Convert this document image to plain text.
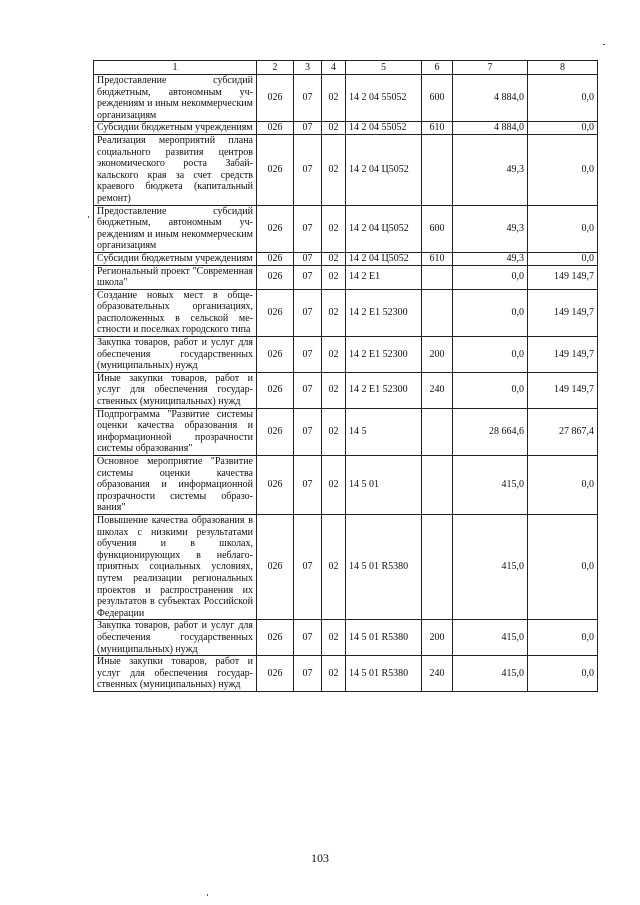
1	2	3	4	5	6	7	8
Предоставление субсидий бюджетным, автономным учреждениям и иным некоммерческим организациям	026	07	02	14 2 04 55052	600	4 884,0	0,0
Субсидии бюджетным учреждениям	026	07	02	14 2 04 55052	610	4 884,0	0,0
Реализация мероприятий плана социального развития центров экономического роста Забайкальского края за счет средств краевого бюджета (капитальный ремонт)	026	07	02	14 2 04 Ц5052		49,3	0,0
Предоставление субсидий бюджетным, автономным учреждениям и иным некоммерческим организациям	026	07	02	14 2 04 Ц5052	600	49,3	0,0
Субсидии бюджетным учреждениям	026	07	02	14 2 04 Ц5052	610	49,3	0,0
Региональный проект "Современная школа"	026	07	02	14 2 E1		0,0	149 149,7
Создание новых мест в общеобразовательных организациях, расположенных в сельской местности и поселках городского типа	026	07	02	14 2 E1 52300		0,0	149 149,7
Закупка товаров, работ и услуг для обеспечения государственных (муниципальных) нужд	026	07	02	14 2 E1 52300	200	0,0	149 149,7
Иные закупки товаров, работ и услуг для обеспечения государственных (муниципальных) нужд	026	07	02	14 2 E1 52300	240	0,0	149 149,7
Подпрограмма "Развитие системы оценки качества образования и информационной прозрачности системы образования"	026	07	02	14 5		28 664,6	27 867,4
Основное мероприятие "Развитие системы оценки качества образования и информационной прозрачности системы образования"	026	07	02	14 5 01		415,0	0,0
Повышение качества образования в школах с низкими результатами обучения и в школах, функционирующих в неблагоприятных социальных условиях, путем реализации региональных проектов и распространения их результатов в субъектах Российской Федерации	026	07	02	14 5 01 R5380		415,0	0,0
Закупка товаров, работ и услуг для обеспечения государственных (муниципальных) нужд	026	07	02	14 5 01 R5380	200	415,0	0,0
Иные закупки товаров, работ и услуг для обеспечения государственных (муниципальных) нужд	026	07	02	14 5 01 R5380	240	415,0	0,0
103
